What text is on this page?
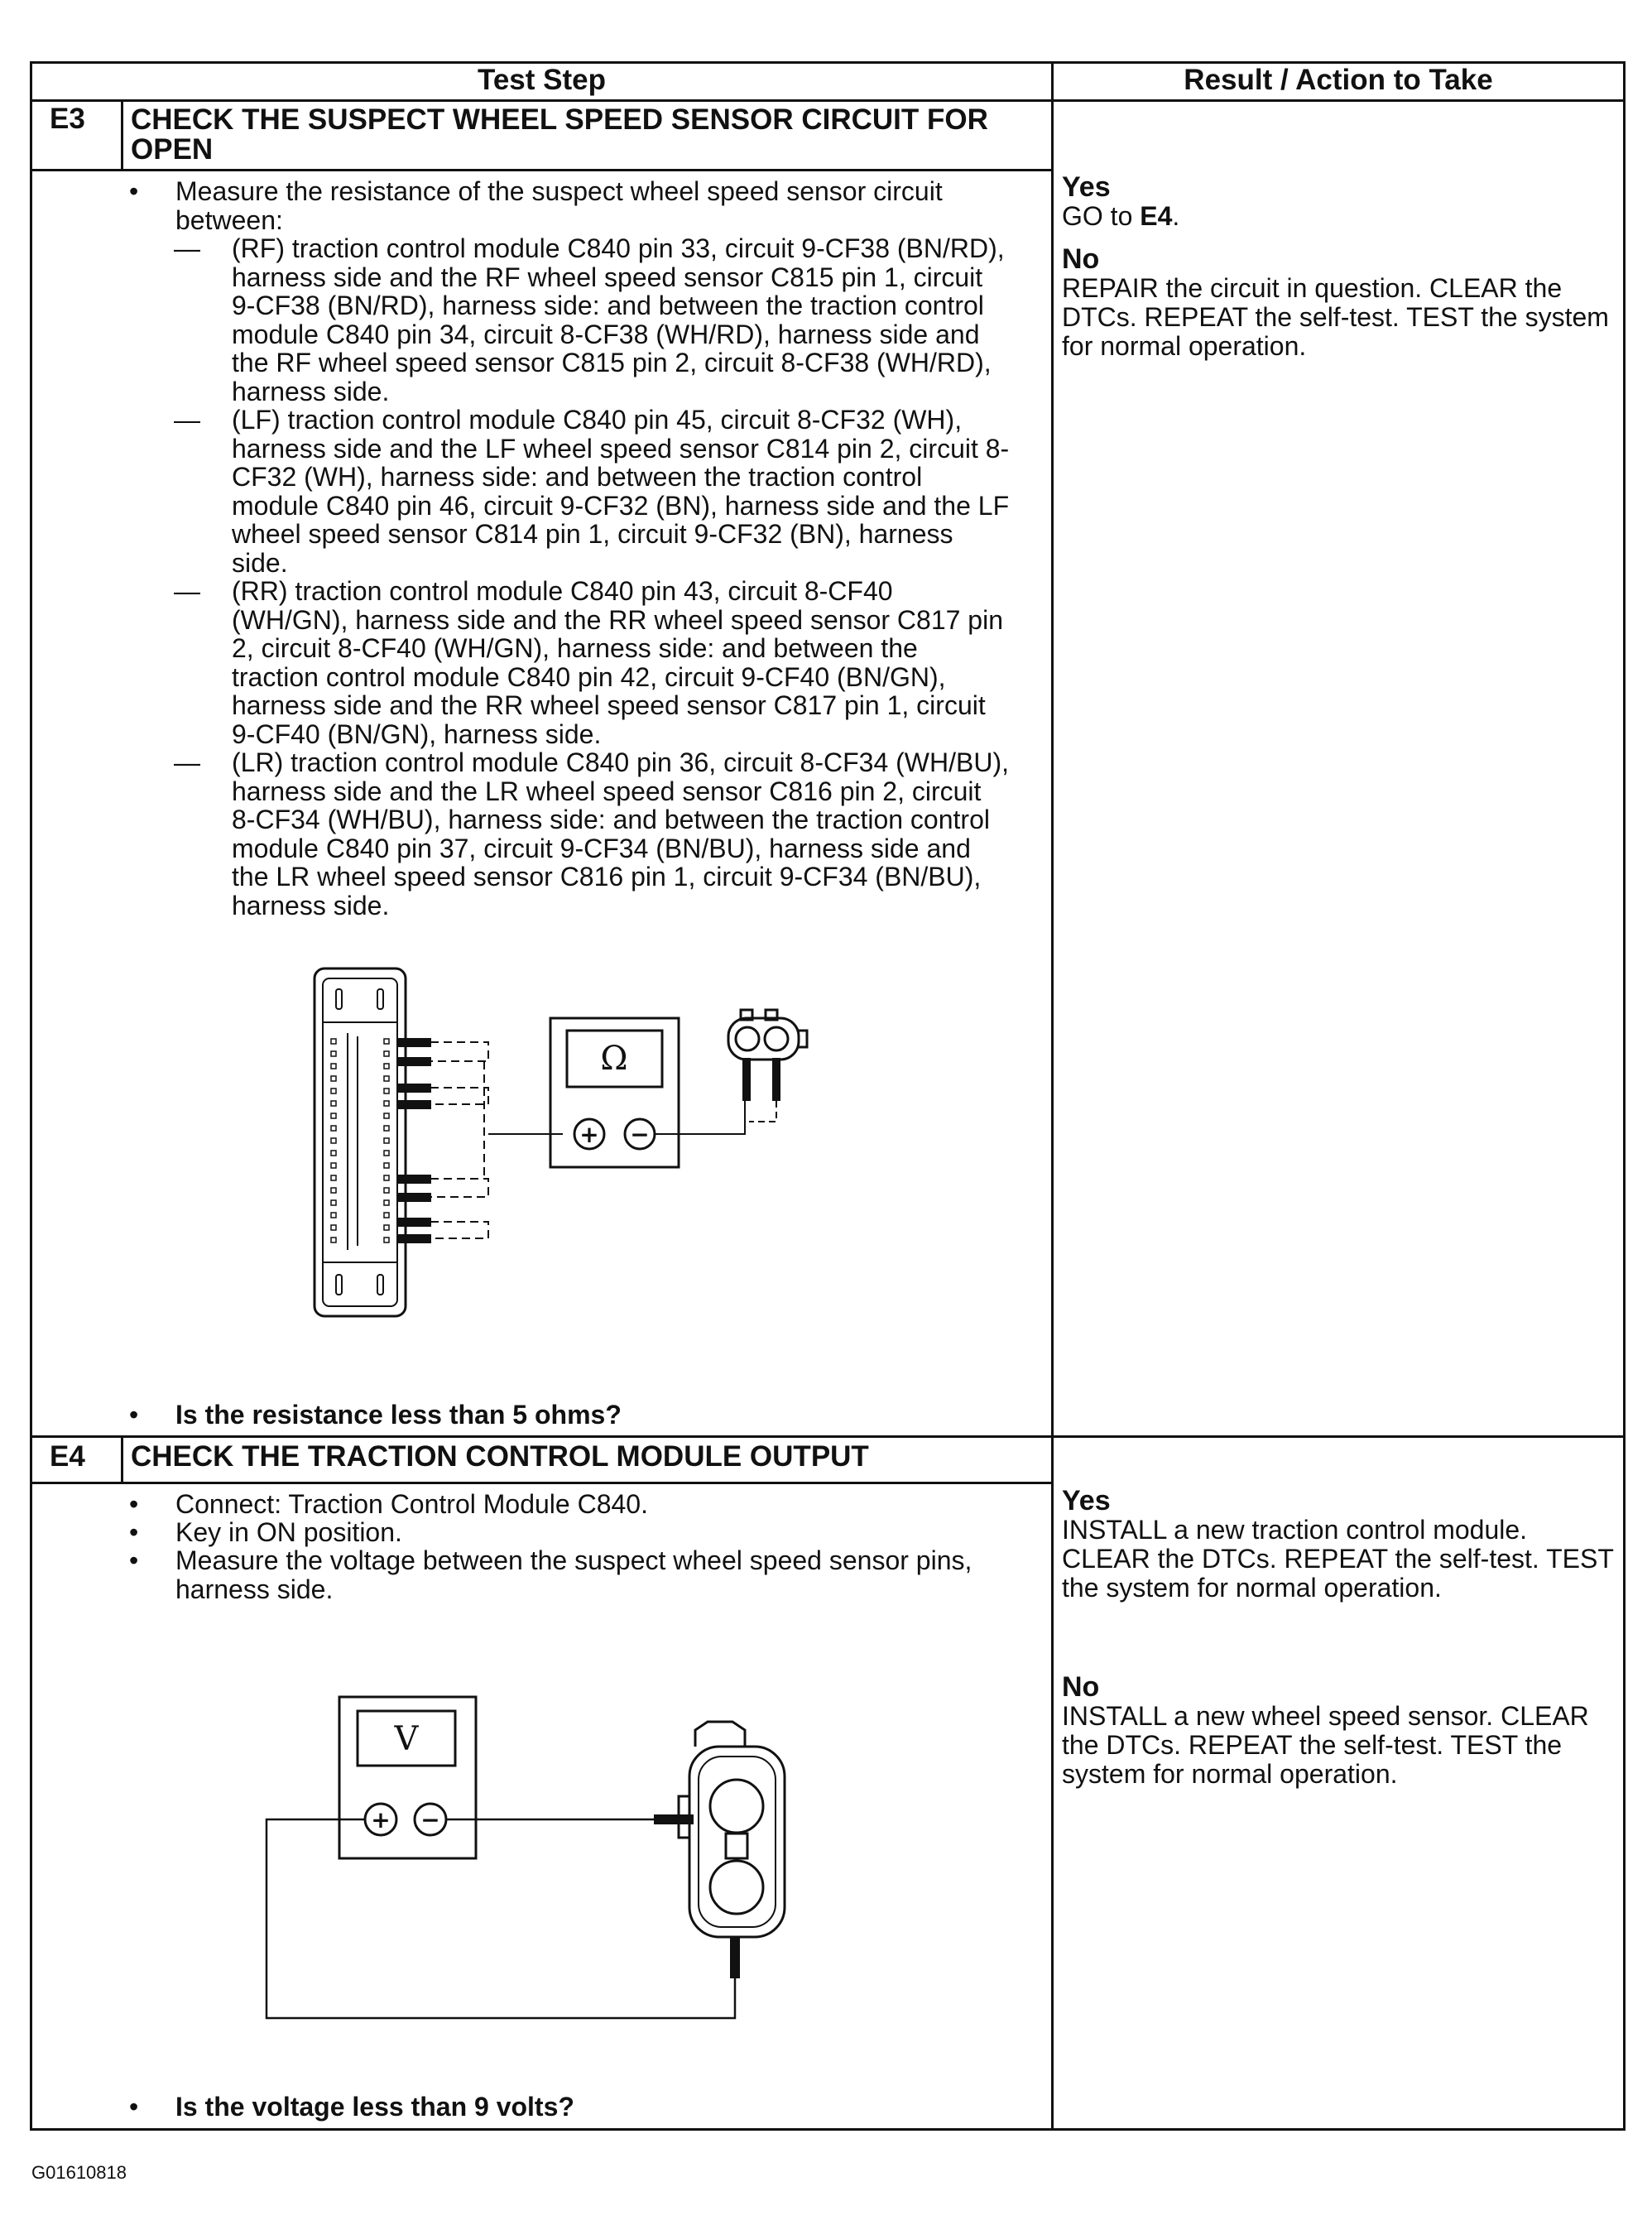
Test Step	Result / Action to Take
E3 CHECK THE SUSPECT WHEEL SPEED SENSOR CIRCUIT FOR OPEN
• Measure the resistance of the suspect wheel speed sensor circuit between:
— (RF) traction control module C840 pin 33, circuit 9-CF38 (BN/RD), harness side and the RF wheel speed sensor C815 pin 1, circuit 9-CF38 (BN/RD), harness side: and between the traction control module C840 pin 34, circuit 8-CF38 (WH/RD), harness side and the RF wheel speed sensor C815 pin 2, circuit 8-CF38 (WH/RD), harness side.
— (LF) traction control module C840 pin 45, circuit 8-CF32 (WH), harness side and the LF wheel speed sensor C814 pin 2, circuit 8-CF32 (WH), harness side: and between the traction control module C840 pin 46, circuit 9-CF32 (BN), harness side and the LF wheel speed sensor C814 pin 1, circuit 9-CF32 (BN), harness side.
— (RR) traction control module C840 pin 43, circuit 8-CF40 (WH/GN), harness side and the RR wheel speed sensor C817 pin 2, circuit 8-CF40 (WH/GN), harness side: and between the traction control module C840 pin 42, circuit 9-CF40 (BN/GN), harness side and the RR wheel speed sensor C817 pin 1, circuit 9-CF40 (BN/GN), harness side.
— (LR) traction control module C840 pin 36, circuit 8-CF34 (WH/BU), harness side and the LR wheel speed sensor C816 pin 2, circuit 8-CF34 (WH/BU), harness side: and between the traction control module C840 pin 37, circuit 9-CF34 (BN/BU), harness side and the LR wheel speed sensor C816 pin 1, circuit 9-CF34 (BN/BU), harness side.
Ω
+ −
• Is the resistance less than 5 ohms?

Yes

GO to E4.

No

REPAIR the circuit in question. CLEAR the DTCs. REPEAT the self-test. TEST the system for normal operation.

E4 CHECK THE TRACTION CONTROL MODULE OUTPUT
• Connect: Traction Control Module C840.
• Key in ON position.
• Measure the voltage between the suspect wheel speed sensor pins, harness side.
V
+ −
• Is the voltage less than 9 volts?

Yes

INSTALL a new traction control module. CLEAR the DTCs. REPEAT the self-test. TEST the system for normal operation.

No

INSTALL a new wheel speed sensor. CLEAR the DTCs. REPEAT the self-test. TEST the system for normal operation.

G01610818
